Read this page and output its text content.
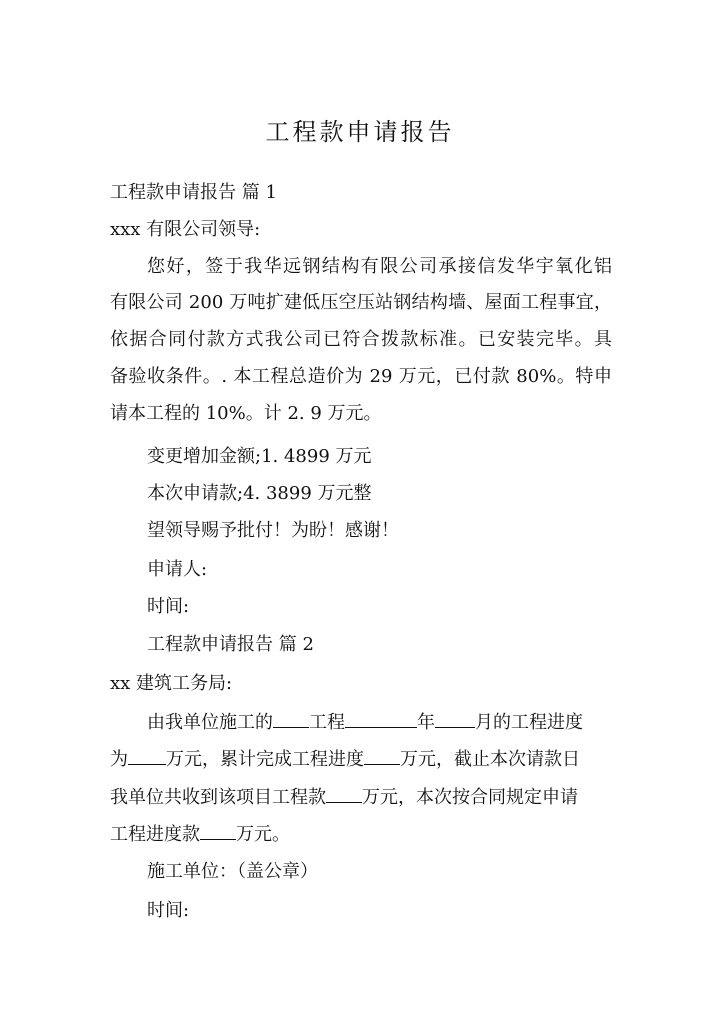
工程款申请报告
工程款申请报告 篇 1
xxx 有限公司领导:
您好，签于我华远钢结构有限公司承接信发华宇氧化铝
有限公司 200 万吨扩建低压空压站钢结构墙、屋面工程事宜，
依据合同付款方式我公司已符合拨款标准。已安装完毕。具
备验收条件。. 本工程总造价为 29 万元，已付款 80%。特申
请本工程的 10%。计 2. 9 万元。
变更增加金额;1. 4899 万元
本次申请款;4. 3899 万元整
望领导赐予批付！为盼！感谢！
申请人:
时间:
工程款申请报告 篇 2
xx 建筑工务局:
由我单位施工的 工程	年 月的工程进度
为 万元，累计完成工程进度 万元，截止本次请款日
我单位共收到该项目工程款 万元，本次按合同规定申请
工程进度款 万元。
施工单位：（盖公章）
时间:
